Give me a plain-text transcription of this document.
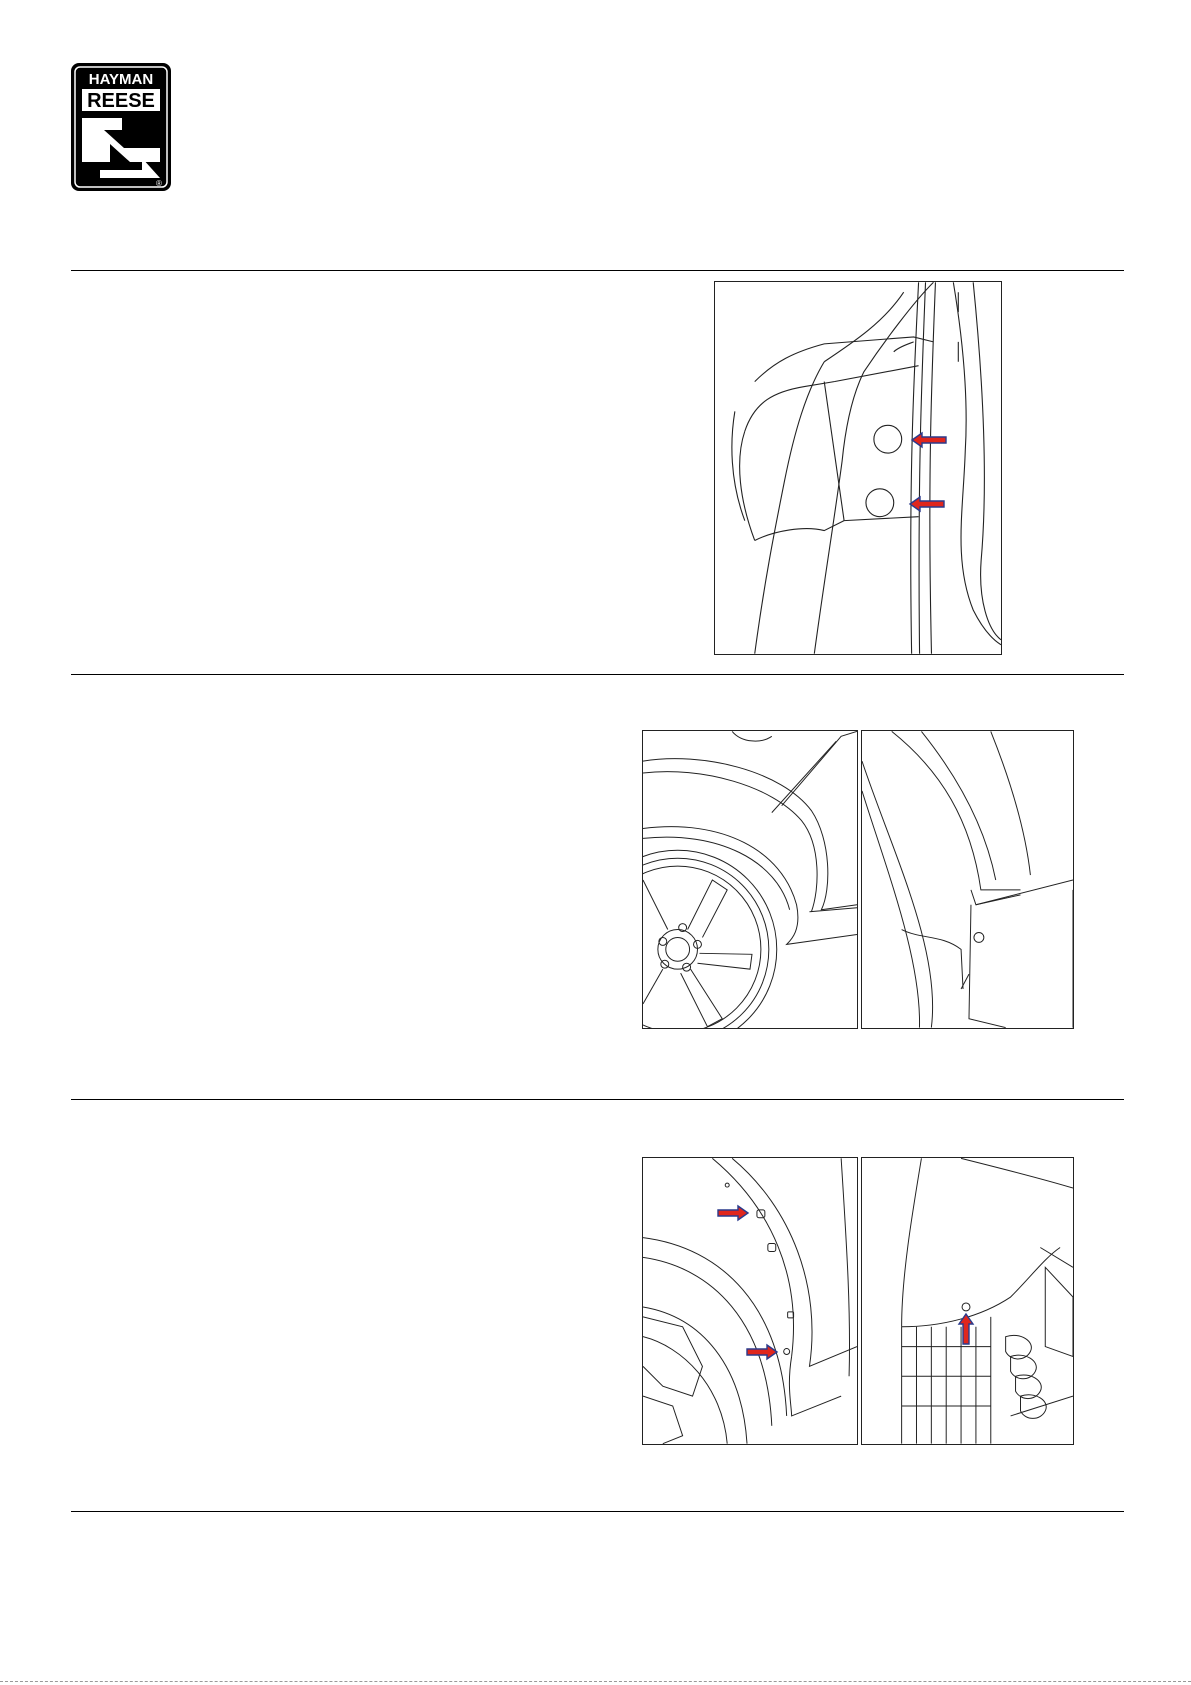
HAYMAN
REESE
®
